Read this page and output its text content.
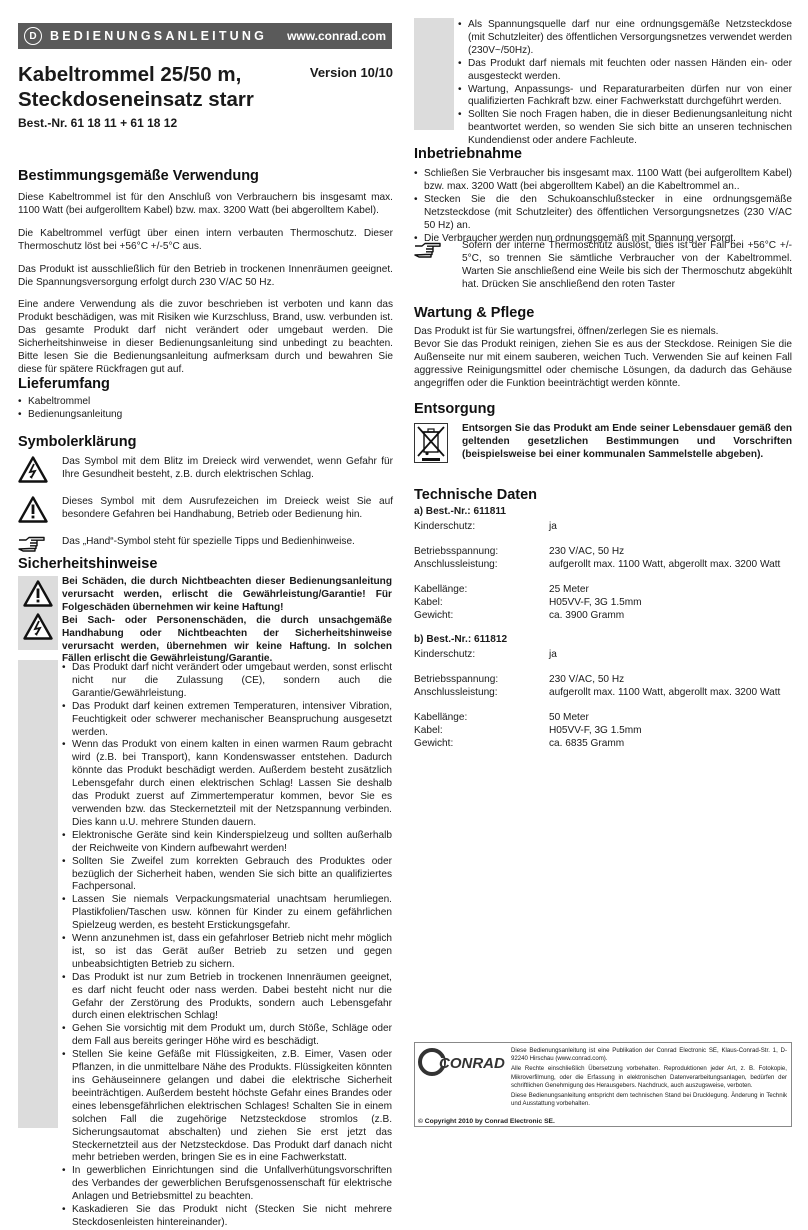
D	BEDIENUNGSANLEITUNG www.conrad.com
Kabeltrommel 25/50 m,
Steckdoseneinsatz starr
Version 10/10
Best.-Nr. 61 18 11 + 61 18 12
Bestimmungsgemäße Verwendung

Diese Kabeltrommel ist für den Anschluß von Verbrauchern bis insgesamt max. 1100 Watt (bei aufgerolltem Kabel) bzw. max. 3200 Watt (bei abgerolltem Kabel).

Die Kabeltrommel verfügt über einen intern verbauten Thermoschutz. Dieser Thermoschutz löst bei +56°C +/-5°C aus.

Das Produkt ist ausschließlich für den Betrieb in trockenen Innenräumen geeignet. Die Spannungsversorgung erfolgt durch 230 V/AC 50 Hz.

Eine andere Verwendung als die zuvor beschrieben ist verboten und kann das Produkt beschädigen, was mit Risiken wie Kurzschluss, Brand, usw. verbunden ist. Das gesamte Produkt darf nicht verändert oder umgebaut werden. Die Sicherheitshinweise in dieser Bedienungsanleitung sind unbedingt zu beachten. Bitte lesen Sie die Bedienungsanleitung aufmerksam durch und bewahren Sie diese für spätere Rückfragen gut auf.

Lieferumfang
• Kabeltrommel
• Bedienungsanleitung
Symbolerklärung
Das Symbol mit dem Blitz im Dreieck wird verwendet, wenn Gefahr für Ihre Gesundheit besteht, z.B. durch elektrischen Schlag.
Dieses Symbol mit dem Ausrufezeichen im Dreieck weist Sie auf besondere Gefahren bei Handhabung, Betrieb oder Bedienung hin.
Das „Hand“-Symbol steht für spezielle Tipps und Bedienhinweise.
Sicherheitshinweise

Bei Schäden, die durch Nichtbeachten dieser Bedienungsanleitung verursacht werden, erlischt die Gewährleistung/Garantie! Für Folgeschäden übernehmen wir keine Haftung!

Bei Sach- oder Personenschäden, die durch unsachgemäße Handhabung oder Nichtbeachten der Sicherheitshinweise verursacht werden, übernehmen wir keine Haftung. In solchen Fällen erlischt die Gewährleistung/Garantie.

• Das Produkt darf nicht verändert oder umgebaut werden, sonst erlischt nicht nur die Zulassung (CE), sondern auch die Garantie/Gewährleistung.
• Das Produkt darf keinen extremen Temperaturen, intensiver Vibration, Feuchtigkeit oder schwerer mechanischer Beanspruchung ausgesetzt werden.
• Wenn das Produkt von einem kalten in einen warmen Raum gebracht wird (z.B. bei Transport), kann Kondenswasser entstehen. Dadurch könnte das Produkt beschädigt werden. Außerdem besteht zusätzlich Lebensgefahr durch einen elektrischen Schlag! Lassen Sie deshalb das Produkt zuerst auf Zimmertemperatur kommen, bevor Sie es verwenden bzw. das Steckernetzteil mit der Netzspannung verbinden. Dies kann u.U. mehrere Stunden dauern.
• Elektronische Geräte sind kein Kinderspielzeug und sollten außerhalb der Reichweite von Kindern aufbewahrt werden!
• Sollten Sie Zweifel zum korrekten Gebrauch des Produktes oder bezüglich der Sicherheit haben, wenden Sie sich bitte an qualifiziertes Fachpersonal.
• Lassen Sie niemals Verpackungsmaterial unachtsam herumliegen. Plastikfolien/Taschen usw. können für Kinder zu einem gefährlichen Spielzeug werden, es besteht Erstickungsgefahr.
• Wenn anzunehmen ist, dass ein gefahrloser Betrieb nicht mehr möglich ist, so ist das Gerät außer Betrieb zu setzen und gegen unbeabsichtigten Betrieb zu sichern.
• Das Produkt ist nur zum Betrieb in trockenen Innenräumen geeignet, es darf nicht feucht oder nass werden. Dabei besteht nicht nur die Gefahr der Zerstörung des Produkts, sondern auch Lebensgefahr durch einen elektrischen Schlag!
• Gehen Sie vorsichtig mit dem Produkt um, durch Stöße, Schläge oder dem Fall aus bereits geringer Höhe wird es beschädigt.
• Stellen Sie keine Gefäße mit Flüssigkeiten, z.B. Eimer, Vasen oder Pflanzen, in die unmittelbare Nähe des Produkts. Flüssigkeiten könnten ins Gehäuseinnere gelangen und dabei die elektrische Sicherheit beeinträchtigen. Außerdem besteht höchste Gefahr eines Brandes oder eines lebensgefährlichen elektrischen Schlages! Schalten Sie in einem solchen Fall die zugehörige Netzsteckdose stromlos (z.B. Sicherungsautomat abschalten) und ziehen Sie erst jetzt das Steckernetzteil aus der Netzsteckdose. Das Produkt darf danach nicht mehr betrieben werden, bringen Sie es in eine Fachwerkstatt.
• In gewerblichen Einrichtungen sind die Unfallverhütungsvorschriften des Verbandes der gewerblichen Berufsgenossenschaft für elektrische Anlagen und Betriebsmittel zu beachten.
• Kaskadieren Sie das Produkt nicht (Stecken Sie nicht mehrere Steckdosenleisten hintereinander).
• Als Spannungsquelle darf nur eine ordnungsgemäße Netzsteckdose (mit Schutzleiter) des öffentlichen Versorgungsnetzes verwendet werden (230V~/50Hz).
• Das Produkt darf niemals mit feuchten oder nassen Händen ein- oder ausgesteckt werden.
• Wartung, Anpassungs- und Reparaturarbeiten dürfen nur von einer qualifizierten Fachkraft bzw. einer Fachwerkstatt durchgeführt werden.
• Sollten Sie noch Fragen haben, die in dieser Bedienungsanleitung nicht beantwortet werden, so wenden Sie sich bitte an unseren technischen Kundendienst oder andere Fachleute.
Inbetriebnahme
• Schließen Sie Verbraucher bis insgesamt max. 1100 Watt (bei aufgerolltem Kabel) bzw. max. 3200 Watt (bei abgerolltem Kabel) an die Kabeltrommel an..
• Stecken Sie die den Schukoanschlußstecker in eine ordnungsgemäße Netzsteckdose (mit Schutzleiter) des öffentlichen Versorgungsnetzes (230 V/AC 50 Hz) an.
• Die Verbraucher werden nun ordnungsgemäß mit Spannung versorgt.

Sofern der interne Thermoschutz auslöst, dies ist der Fall bei +56°C +/- 5°C, so trennen Sie sämtliche Verbraucher von der Kabeltrommel. Warten Sie anschließend eine Weile bis sich der Thermoschutz abgekühlt hat. Drücken Sie anschließend den roten Taster

Wartung & Pflege

Das Produkt ist für Sie wartungsfrei, öffnen/zerlegen Sie es niemals.

Bevor Sie das Produkt reinigen, ziehen Sie es aus der Steckdose. Reinigen Sie die Außenseite nur mit einem sauberen, weichen Tuch. Verwenden Sie auf keinen Fall aggressive Reinigungsmittel oder chemische Lösungen, da dadurch das Gehäuse angegriffen oder die Funktion beeinträchtigt werden könnte.

Entsorgung

Entsorgen Sie das Produkt am Ende seiner Lebensdauer gemäß den geltenden gesetzlichen Bestimmungen und Vorschriften (beispielsweise bei einer kommunalen Sammelstelle abgeben).

Technische Daten
a) Best.-Nr.: 611811
Kinderschutz:	ja

Betriebsspannung:	230 V/AC, 50 Hz
Anschlussleistung:	aufgerollt max. 1100 Watt, abgerollt max. 3200 Watt

Kabellänge:	25 Meter
Kabel:	H05VV-F, 3G 1.5mm
Gewicht:	ca. 3900 Gramm
b) Best.-Nr.: 611812
Kinderschutz:	ja

Betriebsspannung:	230 V/AC, 50 Hz
Anschlussleistung:	aufgerollt max. 1100 Watt, abgerollt max. 3200 Watt

Kabellänge:	50 Meter
Kabel:	H05VV-F, 3G 1.5mm
Gewicht:	ca. 6835 Gramm
CONRAD

Diese Bedienungsanleitung ist eine Publikation der Conrad Electronic SE, Klaus-Conrad-Str. 1, D-92240 Hirschau (www.conrad.com).

Alle Rechte einschließlich Übersetzung vorbehalten. Reproduktionen jeder Art, z. B. Fotokopie, Mikroverfilmung, oder die Erfassung in elektronischen Datenverarbeitungsanlagen, bedürfen der schriftlichen Genehmigung des Herausgebers. Nachdruck, auch auszugsweise, verboten.

Diese Bedienungsanleitung entspricht dem technischen Stand bei Drucklegung. Änderung in Technik und Ausstattung vorbehalten.

© Copyright 2010 by Conrad Electronic SE.
